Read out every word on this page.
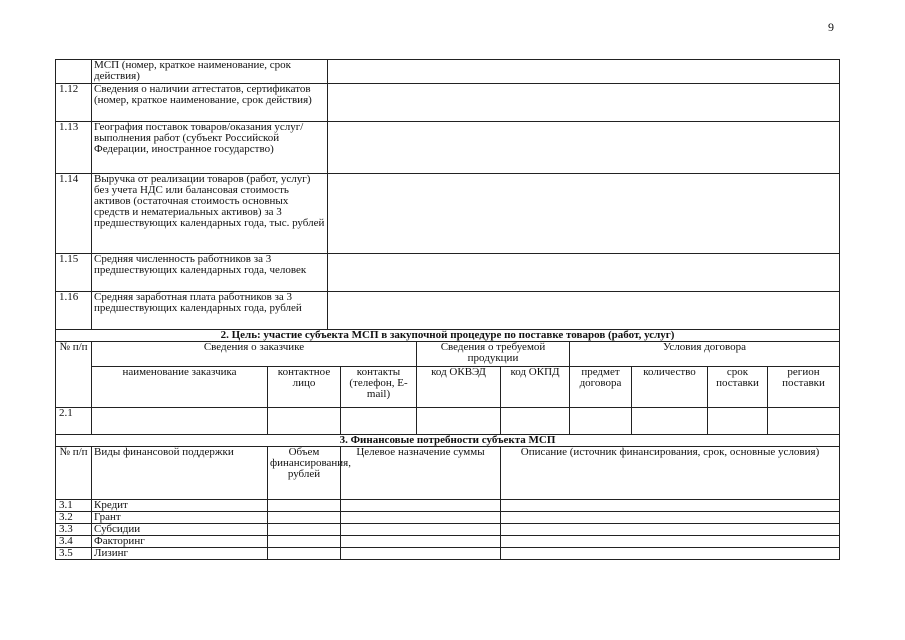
9
	МСП (номер, краткое наименование, срок действия)	
1.12	Сведения о наличии аттестатов, сертификатов (номер, краткое наименование, срок действия)	
1.13	География поставок товаров/оказания услуг/выполнения работ (субъект Российской Федерации, иностранное государство)	
1.14	Выручка от реализации товаров (работ, услуг) без учета НДС или балансовая стоимость активов (остаточная стоимость основных средств и нематериальных активов) за 3 предшествующих календарных года, тыс. рублей	
1.15	Средняя численность работников за 3 предшествующих календарных года, человек	
1.16	Средняя заработная плата работников за 3 предшествующих календарных года, рублей	
2. Цель: участие субъекта МСП в закупочной процедуре по поставке товаров (работ, услуг)									
№ п/п	Сведения о заказчике			Сведения о требуемой продукции		Условия договора			
	наименование заказчика	контактное лицо	контакты (телефон, E-mail)	код ОКВЭД	код ОКПД	предмет договора	количество	срок поставки	регион поставки
2.1									
3. Финансовые потребности субъекта МСП				
№ п/п	Виды финансовой поддержки	Объем финансирования, рублей	Целевое назначение суммы	Описание (источник финансирования, срок, основные условия)
3.1	Кредит			
3.2	Грант			
3.3	Субсидии			
3.4	Факторинг			
3.5	Лизинг			
